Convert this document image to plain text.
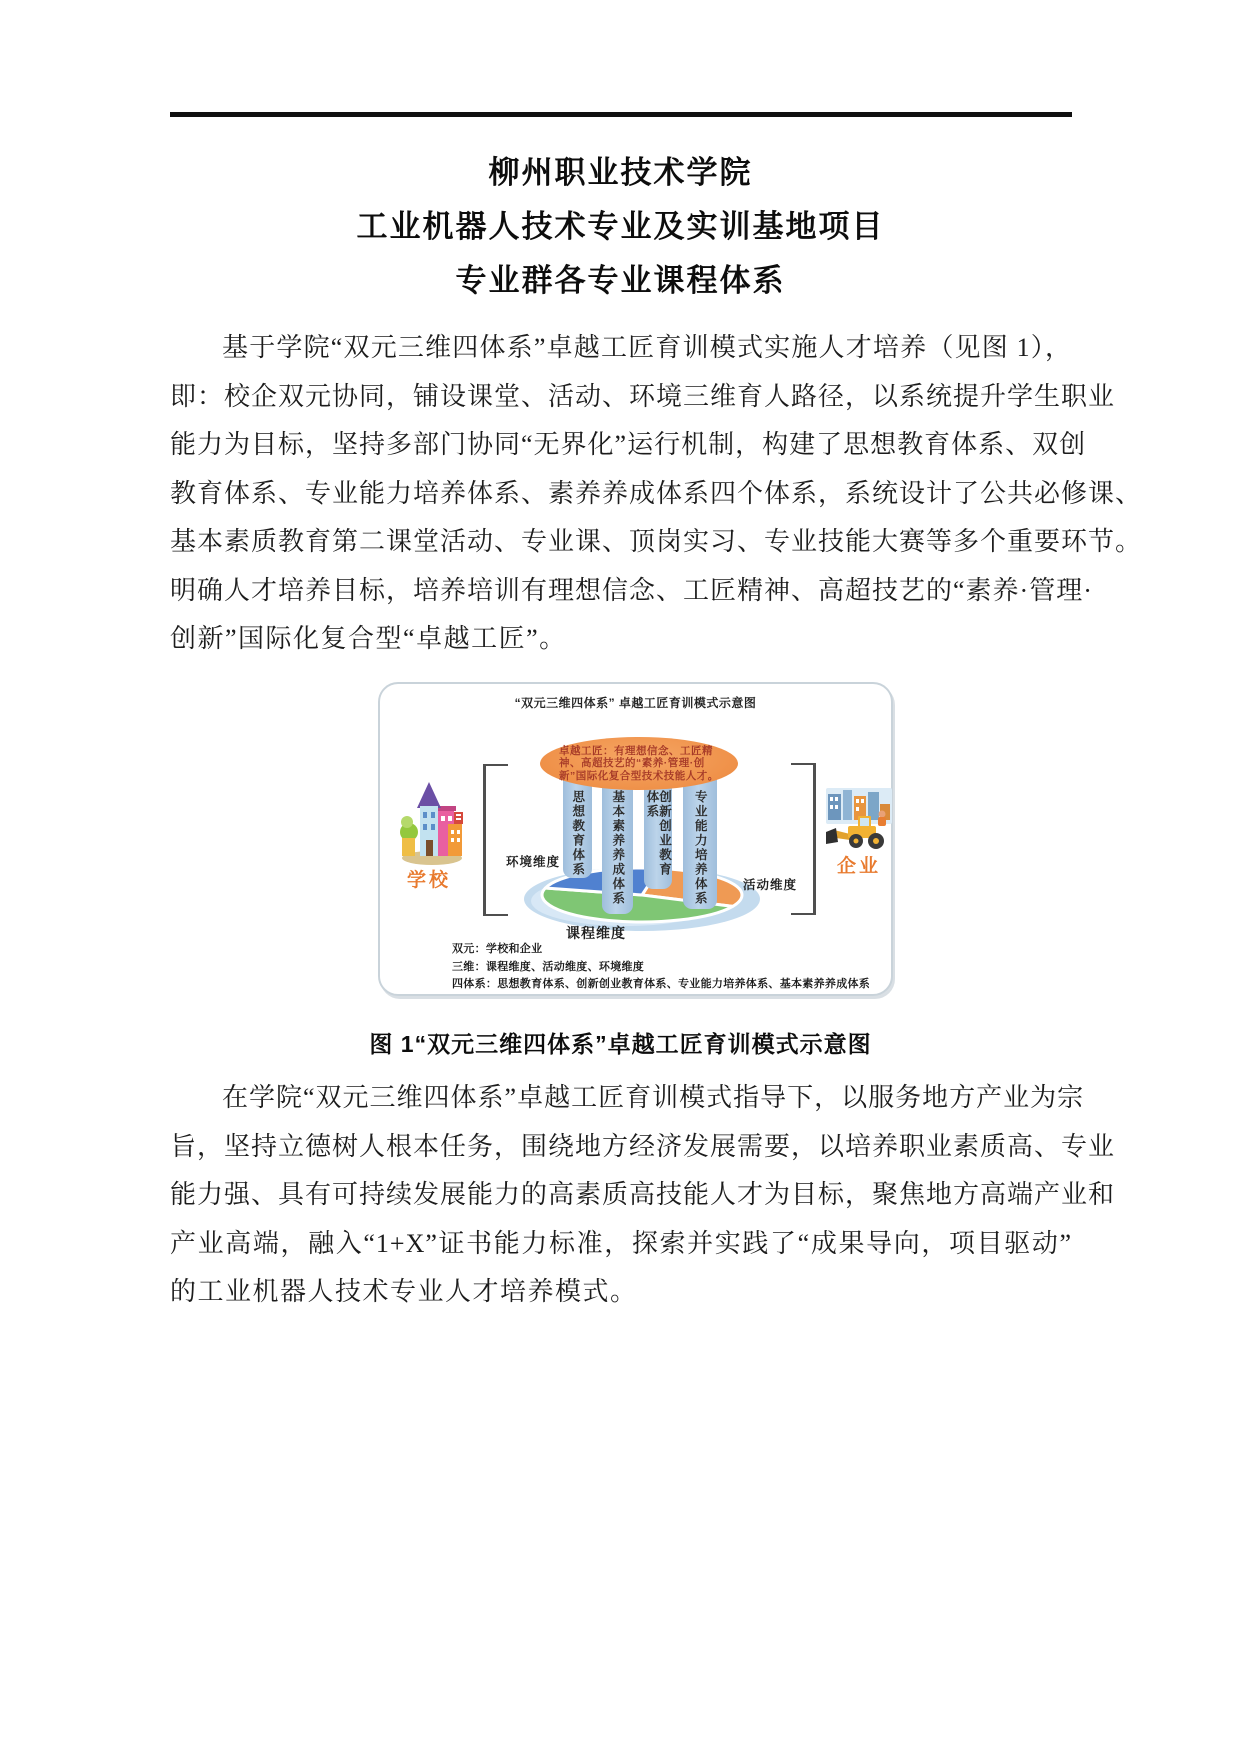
柳州职业技术学院
工业机器人技术专业及实训基地项目
专业群各专业课程体系
基于学院“双元三维四体系”卓越工匠育训模式实施人才培养（见图 1），
即：校企双元协同，铺设课堂、活动、环境三维育人路径，以系统提升学生职业
能力为目标，坚持多部门协同“无界化”运行机制，构建了思想教育体系、双创
教育体系、专业能力培养体系、素养养成体系四个体系，系统设计了公共必修课、
基本素质教育第二课堂活动、专业课、顶岗实习、专业技能大赛等多个重要环节。
明确人才培养目标，培养培训有理想信念、工匠精神、高超技艺的“素养·管理·
创新”国际化复合型“卓越工匠”。
“双元三维四体系” 卓越工匠育训模式示意图
学校
企业
思想教育体系 基本素养养成体系	创新创业教育体系	专业能力培养体系
卓越工匠：有理想信念、工匠精神、高超技艺的“素养·管理·创新”国际化复合型技术技能人才。
环境维度
活动维度
课程维度
双元：学校和企业
三维：课程维度、活动维度、环境维度
四体系：思想教育体系、创新创业教育体系、专业能力培养体系、基本素养养成体系
图 1“双元三维四体系”卓越工匠育训模式示意图
在学院“双元三维四体系”卓越工匠育训模式指导下，以服务地方产业为宗
旨，坚持立德树人根本任务，围绕地方经济发展需要，以培养职业素质高、专业
能力强、具有可持续发展能力的高素质高技能人才为目标，聚焦地方高端产业和
产业高端，融入“1+X”证书能力标准，探索并实践了“成果导向，项目驱动”
的工业机器人技术专业人才培养模式。
